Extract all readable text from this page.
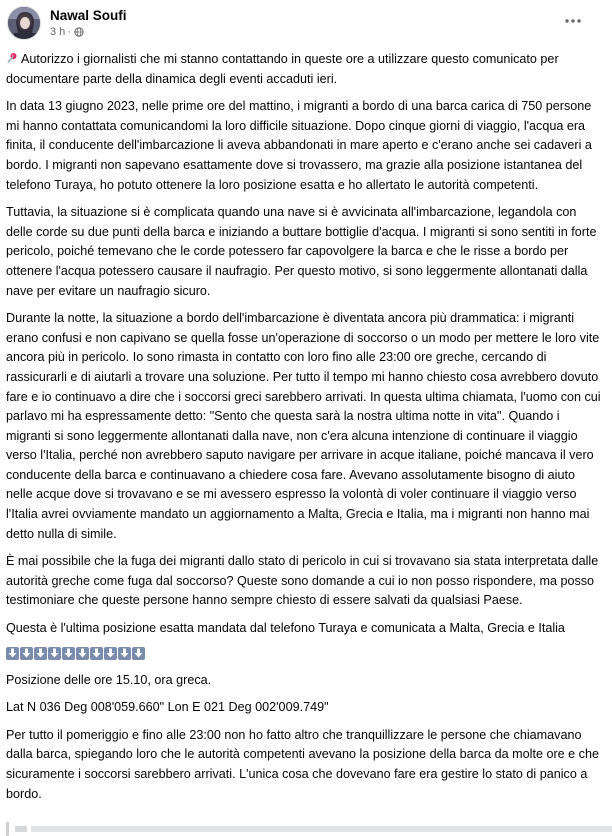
Nawal Soufi
3 h ·

Autorizzo i giornalisti che mi stanno contattando in queste ore a utilizzare questo comunicato per documentare parte della dinamica degli eventi accaduti ieri.

In data 13 giugno 2023, nelle prime ore del mattino, i migranti a bordo di una barca carica di 750 persone mi hanno contattata comunicandomi la loro difficile situazione. Dopo cinque giorni di viaggio, l'acqua era finita, il conducente dell'imbarcazione li aveva abbandonati in mare aperto e c'erano anche sei cadaveri a bordo. I migranti non sapevano esattamente dove si trovassero, ma grazie alla posizione istantanea del telefono Turaya, ho potuto ottenere la loro posizione esatta e ho allertato le autorità competenti.

Tuttavia, la situazione si è complicata quando una nave si è avvicinata all'imbarcazione, legandola con delle corde su due punti della barca e iniziando a buttare bottiglie d'acqua. I migranti si sono sentiti in forte pericolo, poiché temevano che le corde potessero far capovolgere la barca e che le risse a bordo per ottenere l'acqua potessero causare il naufragio. Per questo motivo, si sono leggermente allontanati dalla nave per evitare un naufragio sicuro.

Durante la notte, la situazione a bordo dell'imbarcazione è diventata ancora più drammatica: i migranti erano confusi e non capivano se quella fosse un'operazione di soccorso o un modo per mettere le loro vite ancora più in pericolo. Io sono rimasta in contatto con loro fino alle 23:00 ore greche, cercando di rassicurarli e di aiutarli a trovare una soluzione. Per tutto il tempo mi hanno chiesto cosa avrebbero dovuto fare e io continuavo a dire che i soccorsi greci sarebbero arrivati. In questa ultima chiamata, l'uomo con cui parlavo mi ha espressamente detto: "Sento che questa sarà la nostra ultima notte in vita". Quando i migranti si sono leggermente allontanati dalla nave, non c'era alcuna intenzione di continuare il viaggio verso l'Italia, perché non avrebbero saputo navigare per arrivare in acque italiane, poiché mancava il vero conducente della barca e continuavano a chiedere cosa fare. Avevano assolutamente bisogno di aiuto nelle acque dove si trovavano e se mi avessero espresso la volontà di voler continuare il viaggio verso l'Italia avrei ovviamente mandato un aggiornamento a Malta, Grecia e Italia, ma i migranti non hanno mai detto nulla di simile.

È mai possibile che la fuga dei migranti dallo stato di pericolo in cui si trovavano sia stata interpretata dalle autorità greche come fuga dal soccorso? Queste sono domande a cui io non posso rispondere, ma posso testimoniare che queste persone hanno sempre chiesto di essere salvati da qualsiasi Paese.

Questa è l'ultima posizione esatta mandata dal telefono Turaya e comunicata a Malta, Grecia e Italia

Posizione delle ore 15.10, ora greca.

Lat N 036 Deg 008'059.660" Lon E 021 Deg 002'009.749"

Per tutto il pomeriggio e fino alle 23:00 non ho fatto altro che tranquillizzare le persone che chiamavano dalla barca, spiegando loro che le autorità competenti avevano la posizione della barca da molte ore e che sicuramente i soccorsi sarebbero arrivati. L'unica cosa che dovevano fare era gestire lo stato di panico a bordo.
